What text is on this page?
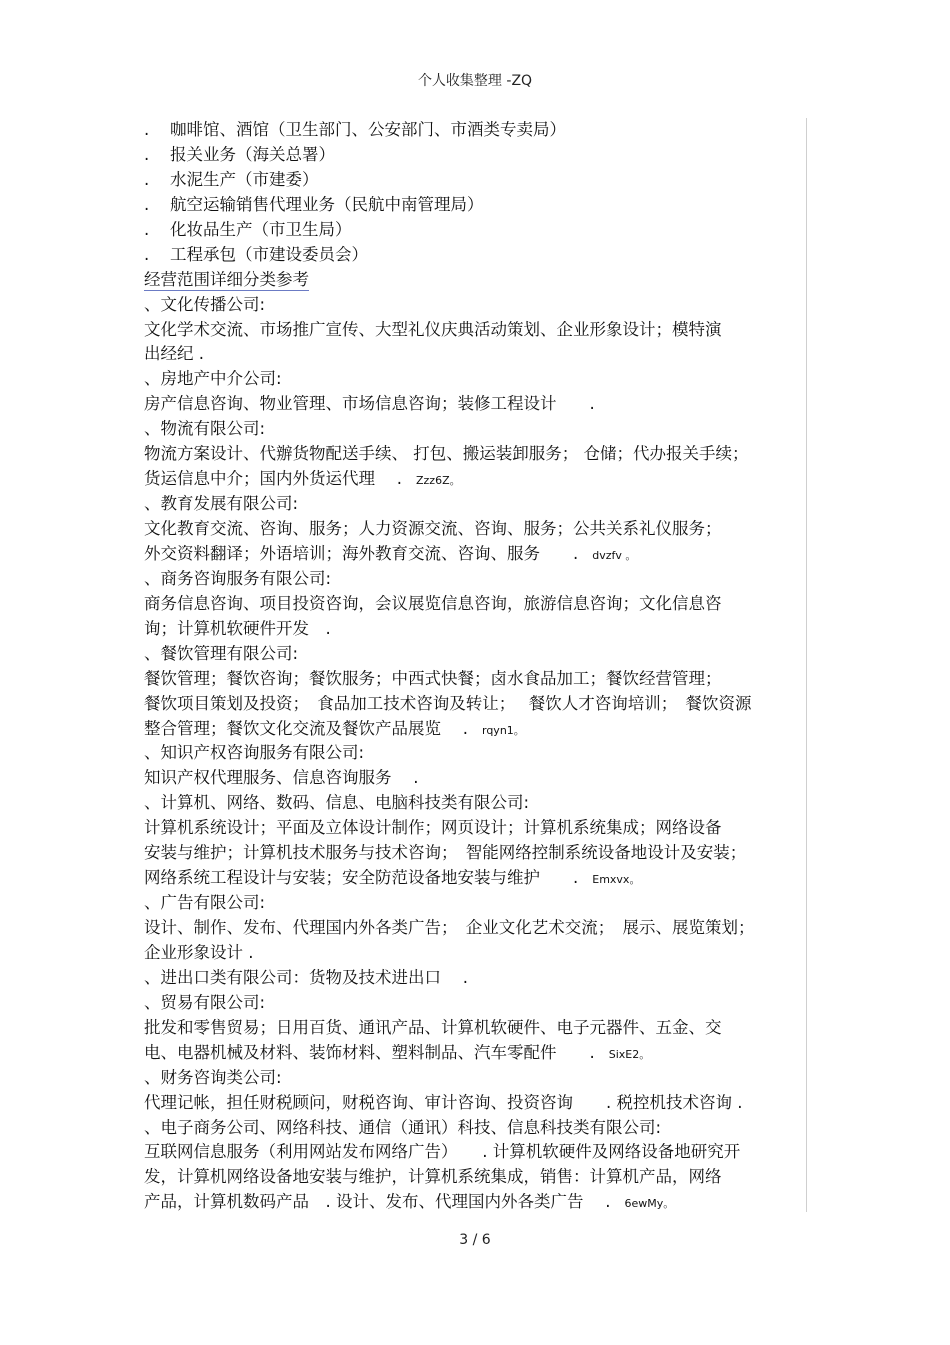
个人收集整理 -ZQ
. 咖啡馆、酒馆（卫生部门、公安部门、市酒类专卖局）
. 报关业务（海关总署）
. 水泥生产（市建委）
. 航空运输销售代理业务（民航中南管理局）
. 化妆品生产（市卫生局）
. 工程承包（市建设委员会）
经营范围详细分类参考
、文化传播公司:
文化学术交流、市场推广宣传、大型礼仪庆典活动策划、企业形象设计；模特演
出经纪 .
、房地产中介公司:
房产信息咨询、物业管理、市场信息咨询；装修工程设计　　.
、物流有限公司:
物流方案设计、代辦货物配送手续、 打包、搬运装卸服务； 仓储；代办报关手续；
货运信息中介；国内外货运代理　 . Zzz6Z。
、教育发展有限公司:
文化教育交流、咨询、服务；人力资源交流、咨询、服务；公共关系礼仪服务；
外交资料翻译；外语培训；海外教育交流、咨询、服务　　. dvzfv 。
、商务咨询服务有限公司:
商务信息咨询、项目投资咨询，会议展览信息咨询，旅游信息咨询；文化信息咨
询；计算机软硬件开发　.
、餐饮管理有限公司:
餐饮管理；餐饮咨询；餐饮服务；中西式快餐；卤水食品加工；餐饮经营管理；
餐饮项目策划及投资；　食品加工技术咨询及转让；　 餐饮人才咨询培训；　餐饮资源
整合管理；餐饮文化交流及餐饮产品展览　 . rqyn1。
、知识产权咨询服务有限公司:
知识产权代理服务、信息咨询服务　 .
、计算机、网络、数码、信息、电脑科技类有限公司:
计算机系统设计；平面及立体设计制作；网页设计；计算机系统集成；网络设备
安装与维护；计算机技术服务与技术咨询；　智能网络控制系统设备地设计及安装；
网络系统工程设计与安装；安全防范设备地安装与维护　　. Emxvx。
、广告有限公司:
设计、制作、发布、代理国内外各类广告；　企业文化艺术交流；　展示、展览策划；
企业形象设计 .
、进出口类有限公司：货物及技术进出口　 .
、贸易有限公司:
批发和零售贸易；日用百货、通讯产品、计算机软硬件、电子元器件、五金、交
电、电器机械及材料、装饰材料、塑料制品、汽车零配件　　. SixE2。
、财务咨询类公司:
代理记帐，担任财税顾问，财税咨询、审计咨询、投资咨询　　. 税控机技术咨询 .
、电子商务公司、网络科技、通信（通讯）科技、信息科技类有限公司:
互联网信息服务（利用网站发布网络广告）　　. 计算机软硬件及网络设备地研究开
发，计算机网络设备地安装与维护，计算机系统集成，销售：计算机产品，网络
产品，计算机数码产品　. 设计、发布、代理国内外各类广告　 . 6ewMy。
3 / 6
